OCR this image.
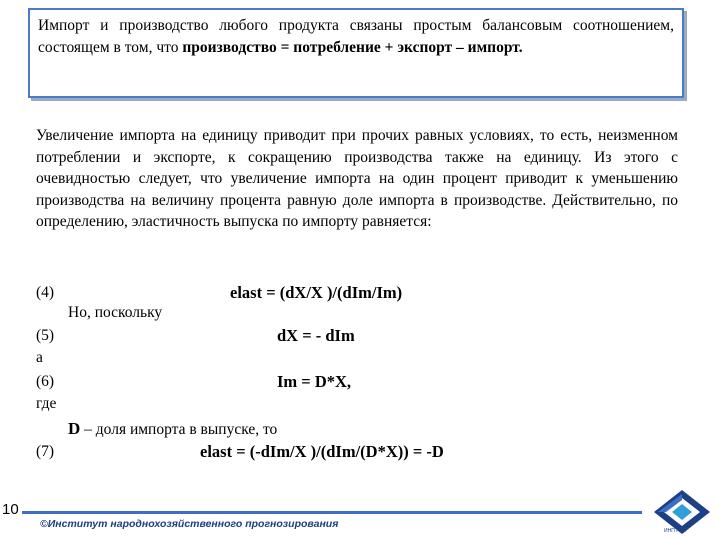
Импорт и производство любого продукта связаны простым балансовым соотношением, состоящем в том, что производство = потребление + экспорт – импорт.
Увеличение импорта на единицу приводит при прочих равных условиях, то есть, неизменном потреблении и экспорте, к сокращению производства также на единицу. Из этого с очевидностью следует, что увеличение импорта на один процент приводит к уменьшению производства на величину процента равную доле импорта в производстве. Действительно, по определению, эластичность выпуска по импорту равняется:
(4)	elast = (dX/X )/(dIm/Im)
Но, поскольку
(5)	dX = - dIm
а
(6)	Im = D*X,
где
D – доля импорта в выпуске, то
(7)	elast = (-dIm/X )/(dIm/(D*X)) = -D
10
©Институт народнохозяйственного прогнозирования
ИНП РАН
